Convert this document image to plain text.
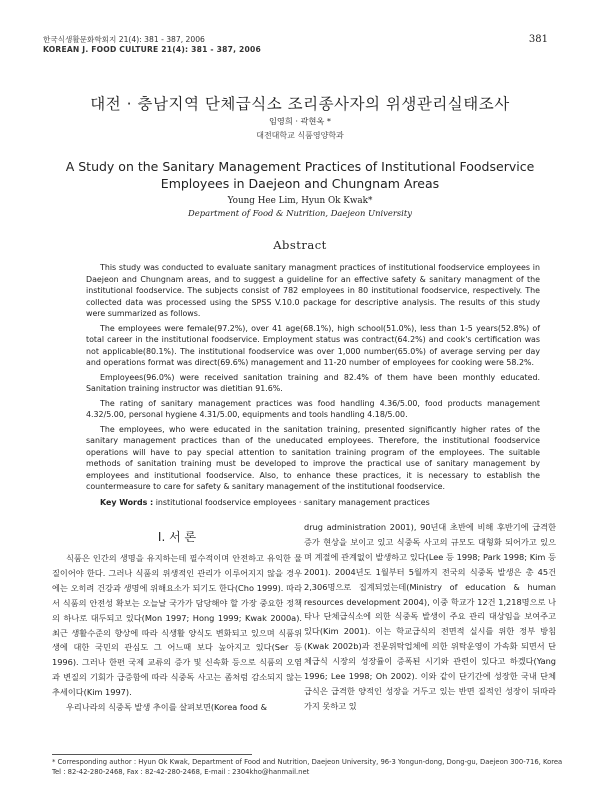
한국식생활문화학회지 21(4): 381 - 387, 2006
KOREAN J. FOOD CULTURE 21(4): 381 - 387, 2006
381
대전 · 충남지역 단체급식소 조리종사자의 위생관리실태조사
임영희 · 곽현옥 *
대전대학교 식품영양학과
A Study on the Sanitary Management Practices of Institutional Foodservice
Employees in Daejeon and Chungnam Areas
Young Hee Lim, Hyun Ok Kwak*
Department of Food & Nutrition, Daejeon University
Abstract

This study was conducted to evaluate sanitary managment practices of institutional foodservice employees in Daejeon and Chungnam areas, and to suggest a guideline for an effective safety & sanitary managment of the institutional foodservice. The subjects consist of 782 employees in 80 institutional foodservice, respectively. The collected data was processed using the SPSS V.10.0 package for descriptive analysis. The results of this study were summarized as follows.

The employees were female(97.2%), over 41 age(68.1%), high school(51.0%), less than 1-5 years(52.8%) of total career in the institutional foodservice. Employment status was contract(64.2%) and cook's certification was not applicable(80.1%). The institutional foodservice was over 1,000 number(65.0%) of average serving per day and operations format was direct(69.6%) management and 11-20 number of employees for cooking were 58.2%.

Employees(96.0%) were received sanitation training and 82.4% of them have been monthly educated. Sanitation training instructor was dietitian 91.6%.

The rating of sanitary management practices was food handling 4.36/5.00, food products management 4.32/5.00, personal hygiene 4.31/5.00, equipments and tools handling 4.18/5.00.

The employees, who were educated in the sanitation training, presented significantly higher rates of the sanitary management practices than of the uneducated employees. Therefore, the institutional foodservice operations will have to pay special attention to sanitation training program of the employees. The suitable methods of sanitation training must be developed to improve the practical use of sanitary management by employees and institutional foodservice. Also, to enhance these practices, it is necessary to establish the countermeasure to care for safety & sanitary management of the institutional foodservice.

Key Words : institutional foodservice employees · sanitary management practices

I. 서 론

식품은 인간의 생명을 유지하는데 필수적이며 안전하고 유익한 물질이어야 한다. 그러나 식품의 위생적인 관리가 이루어지지 않을 경우에는 오히려 건강과 생명에 위해요소가 되기도 한다(Cho 1999). 따라서 식품의 안전성 확보는 오늘날 국가가 담당해야 할 가장 중요한 정책의 하나로 대두되고 있다(Mon 1997; Hong 1999; Kwak 2000a). 최근 생활수준의 향상에 따라 식생활 양식도 변화되고 있으며 식품위생에 대한 국민의 관심도 그 어느때 보다 높아지고 있다(Ser 등 1996). 그러나 한편 국제 교류의 증가 및 신속화 등으로 식품의 오염과 변질의 기회가 급증함에 따라 식중독 사고는 좀처럼 감소되지 않는 추세이다(Kim 1997).

우리나라의 식중독 발생 추이를 살펴보면(Korea food &

drug administration 2001), 90년대 초반에 비해 후반기에 급격한 증가 현상을 보이고 있고 식중독 사고의 규모도 대형화 되어가고 있으며 계절에 관계없이 발생하고 있다(Lee 등 1998; Park 1998; Kim 등 2001). 2004년도 1월부터 5월까지 전국의 식중독 발생은 총 45건 2,306명으로 집계되었는데(Ministry of education & human resources development 2004), 이중 학교가 12건 1,218명으로 나타나 단체급식소에 의한 식중독 발생이 주요 관리 대상임을 보여주고 있다(Kim 2001). 이는 학교급식의 전면적 실시를 위한 정부 방침(Kwak 2002b)과 전문위탁업체에 의한 위탁운영이 가속화 되면서 단체급식 시장의 성장률이 증폭된 시기와 관련이 있다고 하겠다(Yang 1996; Lee 1998; Oh 2002). 이와 같이 단기간에 성장한 국내 단체급식은 급격한 양적인 성장을 거두고 있는 반면 질적인 성장이 뒤따라가지 못하고 있

* Corresponding author : Hyun Ok Kwak, Department of Food and Nutrition, Daejeon University, 96-3 Yongun-dong, Dong-gu, Daejeon 300-716, Korea
Tel : 82-42-280-2468, Fax : 82-42-280-2468, E-mail : 2304kho@hanmail.net
